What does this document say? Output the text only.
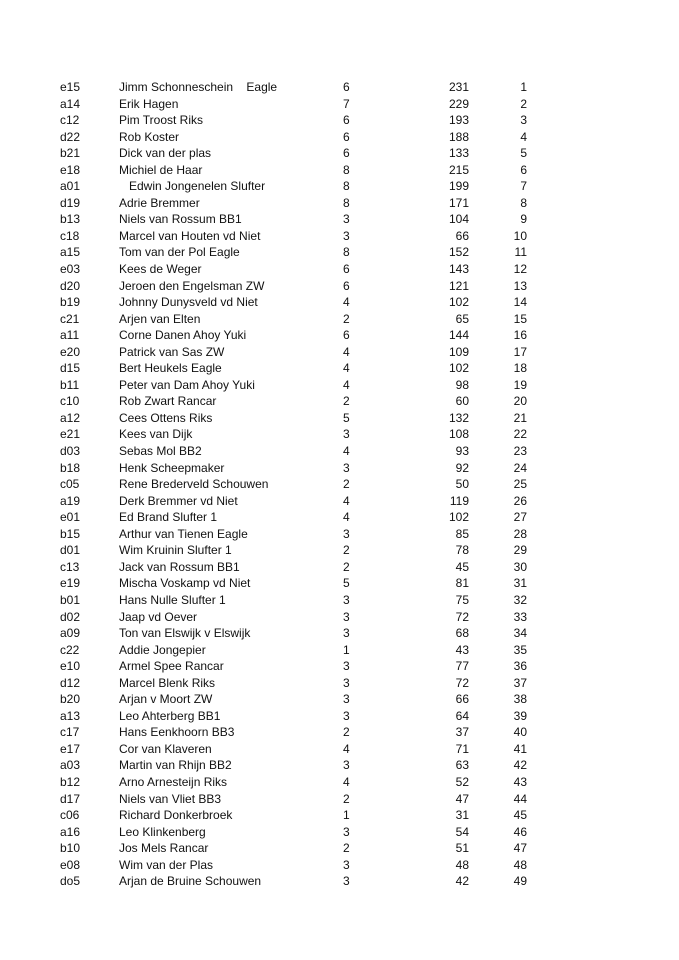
e15	Jimm Schonneschein    Eagle	6	231	1
a14	Erik Hagen	7	229	2
c12	Pim Troost Riks	6	193	3
d22	Rob Koster	6	188	4
b21	Dick van der plas	6	133	5
e18	Michiel de Haar	8	215	6
a01	Edwin Jongenelen Slufter	8	199	7
d19	Adrie Bremmer	8	171	8
b13	Niels van Rossum BB1	3	104	9
c18	Marcel van Houten vd Niet	3	66	10
a15	Tom van der Pol Eagle	8	152	11
e03	Kees de Weger	6	143	12
d20	Jeroen den Engelsman ZW	6	121	13
b19	Johnny Dunysveld vd Niet	4	102	14
c21	Arjen van Elten	2	65	15
a11	Corne Danen Ahoy Yuki	6	144	16
e20	Patrick van Sas ZW	4	109	17
d15	Bert Heukels Eagle	4	102	18
b11	Peter van Dam Ahoy Yuki	4	98	19
c10	Rob Zwart Rancar	2	60	20
a12	Cees Ottens Riks	5	132	21
e21	Kees van Dijk	3	108	22
d03	Sebas Mol BB2	4	93	23
b18	Henk Scheepmaker	3	92	24
c05	Rene Brederveld Schouwen	2	50	25
a19	Derk Bremmer vd Niet	4	119	26
e01	Ed Brand Slufter 1	4	102	27
b15	Arthur van Tienen Eagle	3	85	28
d01	Wim Kruinin Slufter 1	2	78	29
c13	Jack van Rossum BB1	2	45	30
e19	Mischa Voskamp vd Niet	5	81	31
b01	Hans Nulle Slufter 1	3	75	32
d02	Jaap vd Oever	3	72	33
a09	Ton van Elswijk v Elswijk	3	68	34
c22	Addie Jongepier	1	43	35
e10	Armel Spee Rancar	3	77	36
d12	Marcel Blenk Riks	3	72	37
b20	Arjan v Moort ZW	3	66	38
a13	Leo Ahterberg BB1	3	64	39
c17	Hans Eenkhoorn BB3	2	37	40
e17	Cor van Klaveren	4	71	41
a03	Martin van Rhijn BB2	3	63	42
b12	Arno Arnesteijn Riks	4	52	43
d17	Niels van Vliet BB3	2	47	44
c06	Richard Donkerbroek	1	31	45
a16	Leo Klinkenberg	3	54	46
b10	Jos Mels Rancar	2	51	47
e08	Wim van der Plas	3	48	48
do5	Arjan de Bruine Schouwen	3	42	49
